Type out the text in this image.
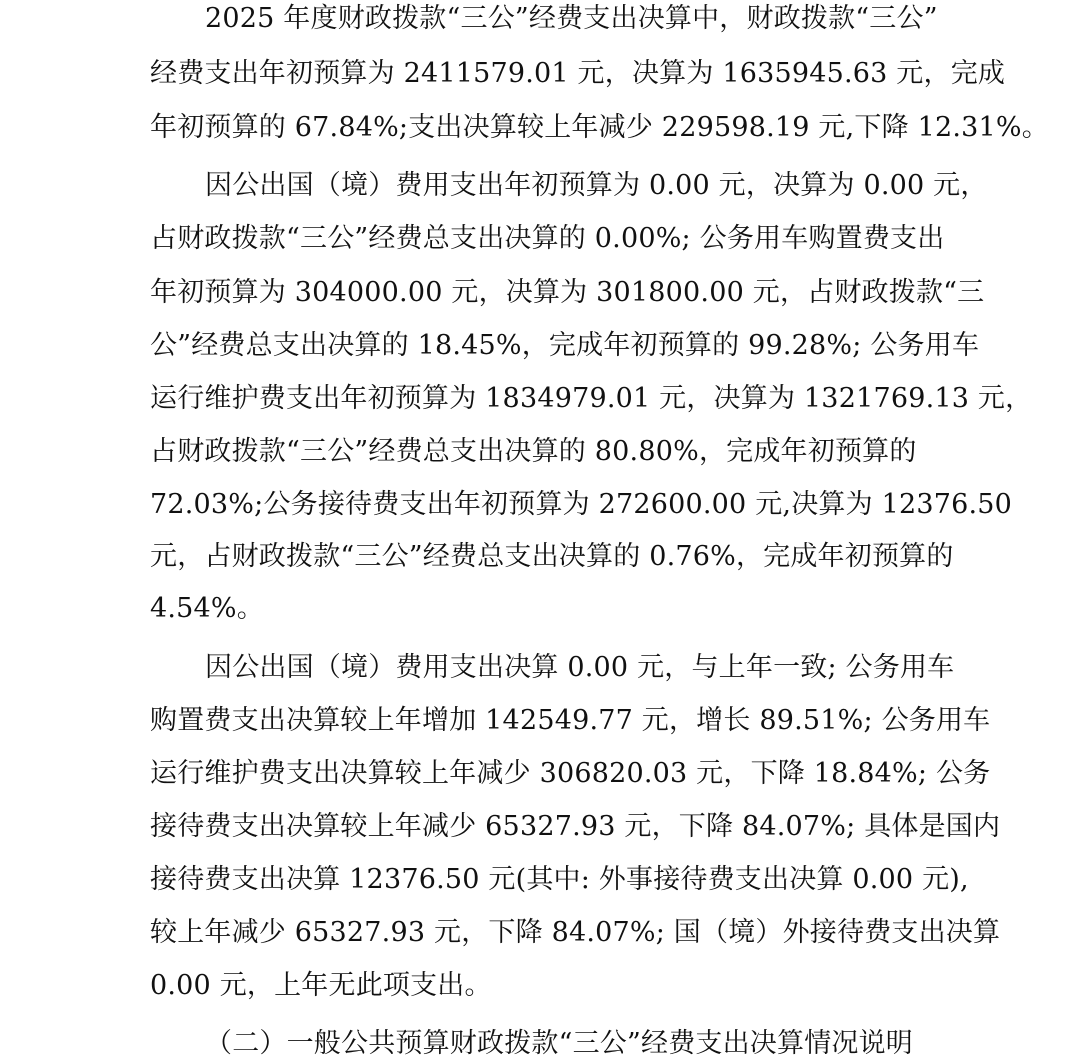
2025 年度财政拨款“三公”经费支出决算中，财政拨款“三公”
经费支出年初预算为 2411579.01 元，决算为 1635945.63 元，完成
年初预算的 67.84%;支出决算较上年减少 229598.19 元,下降 12.31%。
因公出国（境）费用支出年初预算为 0.00 元，决算为 0.00 元，
占财政拨款“三公”经费总支出决算的 0.00%; 公务用车购置费支出
年初预算为 304000.00 元，决算为 301800.00 元，占财政拨款“三
公”经费总支出决算的 18.45%，完成年初预算的 99.28%; 公务用车
运行维护费支出年初预算为 1834979.01 元，决算为 1321769.13 元，
占财政拨款“三公”经费总支出决算的 80.80%，完成年初预算的
72.03%;公务接待费支出年初预算为 272600.00 元,决算为 12376.50
元，占财政拨款“三公”经费总支出决算的 0.76%，完成年初预算的
4.54%。
因公出国（境）费用支出决算 0.00 元，与上年一致; 公务用车
购置费支出决算较上年增加 142549.77 元，增长 89.51%; 公务用车
运行维护费支出决算较上年减少 306820.03 元，下降 18.84%; 公务
接待费支出决算较上年减少 65327.93 元，下降 84.07%; 具体是国内
接待费支出决算 12376.50 元(其中: 外事接待费支出决算 0.00 元),
较上年减少 65327.93 元，下降 84.07%; 国（境）外接待费支出决算
0.00 元，上年无此项支出。
（二）一般公共预算财政拨款“三公”经费支出决算情况说明
